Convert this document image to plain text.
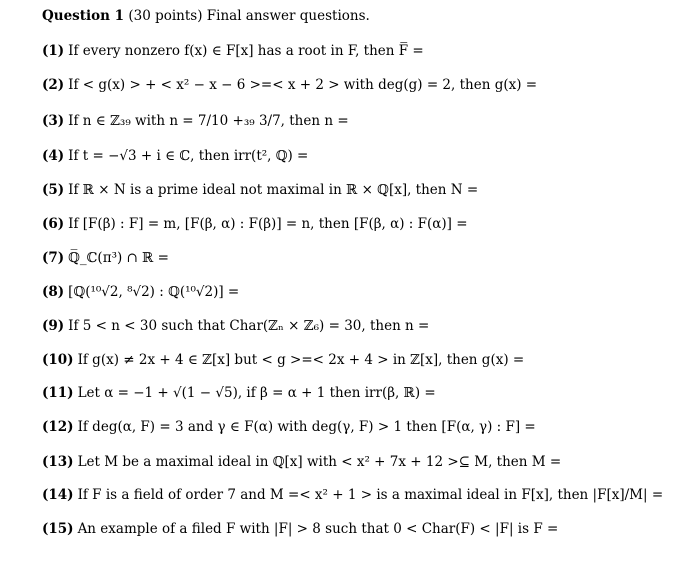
Question 1 (30 points) Final answer questions.
(1) If every nonzero f(x) ∈ F[x] has a root in F, then F̅̅ =
(2) If < g(x) > + < x² − x − 6 >=< x + 2 > with deg(g) = 2, then g(x) =
(3) If n ∈ ℤ₃₉ with n = 7/10 +₃₉ 3/7, then n =
(4) If t = −√3 + i ∈ ℂ, then irr(t², ℚ) =
(5) If ℝ × N is a prime ideal not maximal in ℝ × ℚ[x], then N =
(6) If [F(β) : F] = m, [F(β, α) : F(β)] = n, then [F(β, α) : F(α)] =
(7) ℚ̅_ℂ(π³) ∩ ℝ =
(8) [ℚ(¹⁰√2, ⁸√2) : ℚ(¹⁰√2)] =
(9) If 5 < n < 30 such that Char(ℤₙ × ℤ₆) = 30, then n =
(10) If g(x) ≠ 2x + 4 ∈ ℤ[x] but < g >=< 2x + 4 > in ℤ[x], then g(x) =
(11) Let α = −1 + √(1 − √5), if β = α + 1 then irr(β, ℝ) =
(12) If deg(α, F) = 3 and γ ∈ F(α) with deg(γ, F) > 1 then [F(α, γ) : F] =
(13) Let M be a maximal ideal in ℚ[x] with < x² + 7x + 12 >⊆ M, then M =
(14) If F is a field of order 7 and M =< x² + 1 > is a maximal ideal in F[x], then |F[x]/M| =
(15) An example of a filed F with |F| > 8 such that 0 < Char(F) < |F| is F =
